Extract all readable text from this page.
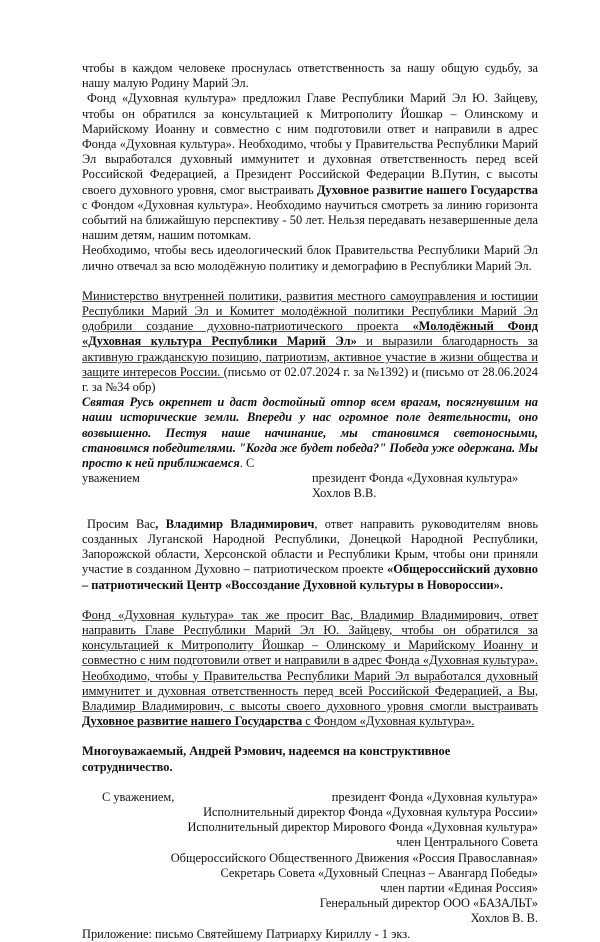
чтобы в каждом человеке проснулась ответственность за нашу общую судьбу, за нашу малую Родину Марий Эл.

Фонд «Духовная культура» предложил Главе Республики Марий Эл Ю. Зайцеву, чтобы он обратился за консультацией к Митрополиту Йошкар – Олинскому и Марийскому Иоанну и совместно с ним подготовили ответ и направили в адрес Фонда «Духовная культура». Необходимо, чтобы у Правительства Республики Марий Эл выработался духовный иммунитет и духовная ответственность перед всей Российской Федерацией, а Президент Российской Федерации В.Путин, с высоты своего духовного уровня, смог выстраивать Духовное развитие нашего Государства с Фондом «Духовная культура». Необходимо научиться смотреть за линию горизонта событий на ближайшую перспективу - 50 лет. Нельзя передавать незавершенные дела нашим детям, нашим потомкам.

Необходимо, чтобы весь идеологический блок Правительства Республики Марий Эл лично отвечал за всю молодёжную политику и демографию в Республики Марий Эл.

Министерство внутренней политики, развития местного самоуправления и юстиции Республики Марий Эл и Комитет молодёжной политики Республики Марий Эл одобрили создание духовно-патриотического проекта «Молодёжный Фонд «Духовная культура Республики Марий Эл» и выразили благодарность за активную гражданскую позицию, патриотизм, активное участие в жизни общества и защите интересов России. (письмо от 02.07.2024 г. за №1392) и (письмо от 28.06.2024 г. за №34 обр)

Святая Русь окрепнет и даст достойный отпор всем врагам, посягнувшим на наши исторические земли. Впереди у нас огромное поле деятельности, оно возвышенно. Пестуя наше начинание, мы становимся светоносными, становимся победителями. "Когда же будет победа?" Победа уже одержана. Мы просто к ней приближаемся. С

уважением	президент Фонда «Духовная культура» Хохлов В.В.

Просим Вас, Владимир Владимирович, ответ направить руководителям вновь созданных Луганской Народной Республики, Донецкой Народной Республики, Запорожской области, Херсонской области и Республики Крым, чтобы они приняли участие в созданном Духовно – патриотическом проекте «Общероссийский духовно – патриотический Центр «Воссоздание Духовной культуры в Новороссии».

Фонд «Духовная культура» так же просит Вас, Владимир Владимирович, ответ направить Главе Республики Марий Эл Ю. Зайцеву, чтобы он обратился за консультацией к Митрополиту Йошкар – Олинскому и Марийскому Иоанну и совместно с ним подготовили ответ и направили в адрес Фонда «Духовная культура». Необходимо, чтобы у Правительства Республики Марий Эл выработался духовный иммунитет и духовная ответственность перед всей Российской Федерацией, а Вы, Владимир Владимирович, с высоты своего духовного уровня смогли выстраивать Духовное развитие нашего Государства с Фондом «Духовная культура».

Многоуважаемый, Андрей Рэмович, надеемся на конструктивное сотрудничество.

С уважением,	президент Фонда «Духовная культура»
Исполнительный директор Фонда «Духовная культура России»
Исполнительный директор Мирового Фонда «Духовная культура»
член Центрального Совета
Общероссийского Общественного Движения «Россия Православная»
Секретарь Совета «Духовный Спецназ – Авангард Победы»
член партии «Единая Россия»
Генеральный директор ООО «БАЗАЛЬТ»
Хохлов В. В.

Приложение: письмо Святейшему Патриарху Кириллу - 1 экз.
